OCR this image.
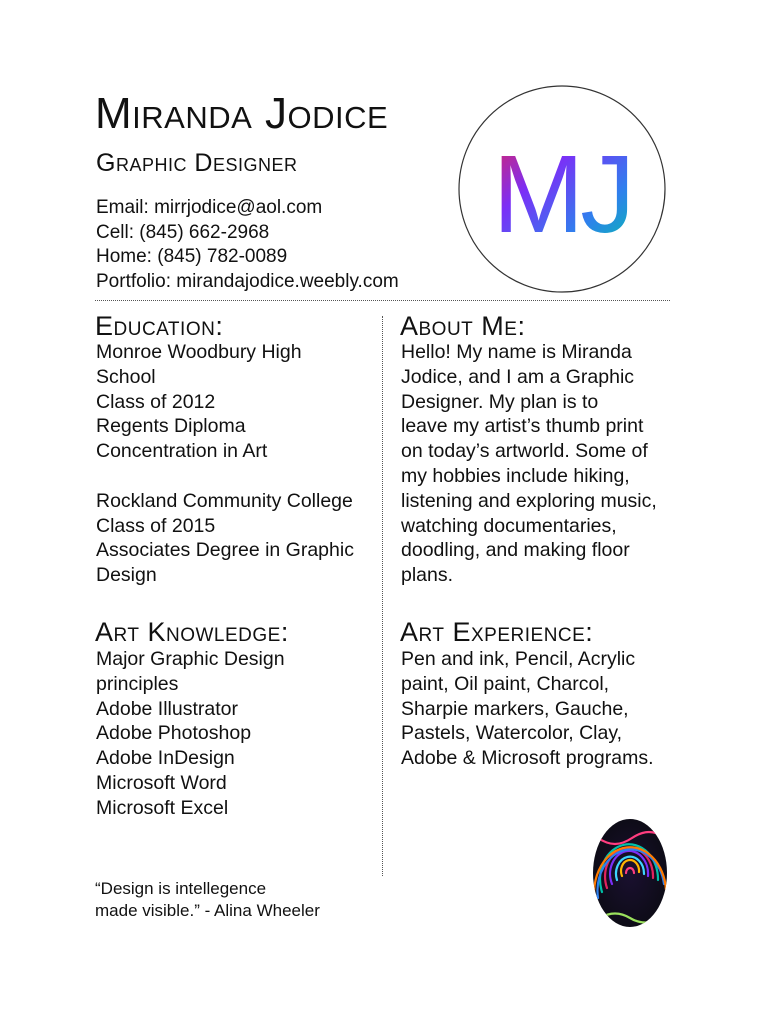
Miranda Jodice
Graphic Designer
Email: mirrjodice@aol.com
Cell: (845) 662-2968
Home: (845) 782-0089
Portfolio: mirandajodice.weebly.com
MJ
Education:
Monroe Woodbury High
School
Class of 2012
Regents Diploma
Concentration in Art
Rockland Community College
Class of 2015
Associates Degree in Graphic
Design
About Me:
Hello! My name is Miranda
Jodice, and I am a Graphic
Designer. My plan is to
leave my artist’s thumb print
on today’s artworld. Some of
my hobbies include hiking,
listening and exploring music,
watching documentaries,
doodling, and making floor
plans.
Art Knowledge:
Major Graphic Design
principles
Adobe Illustrator
Adobe Photoshop
Adobe InDesign
Microsoft Word
Microsoft Excel
Art Experience:
Pen and ink, Pencil, Acrylic
paint, Oil paint, Charcol,
Sharpie markers, Gauche,
Pastels, Watercolor, Clay,
Adobe & Microsoft programs.
“Design is intellegence
made visible.” - Alina Wheeler
